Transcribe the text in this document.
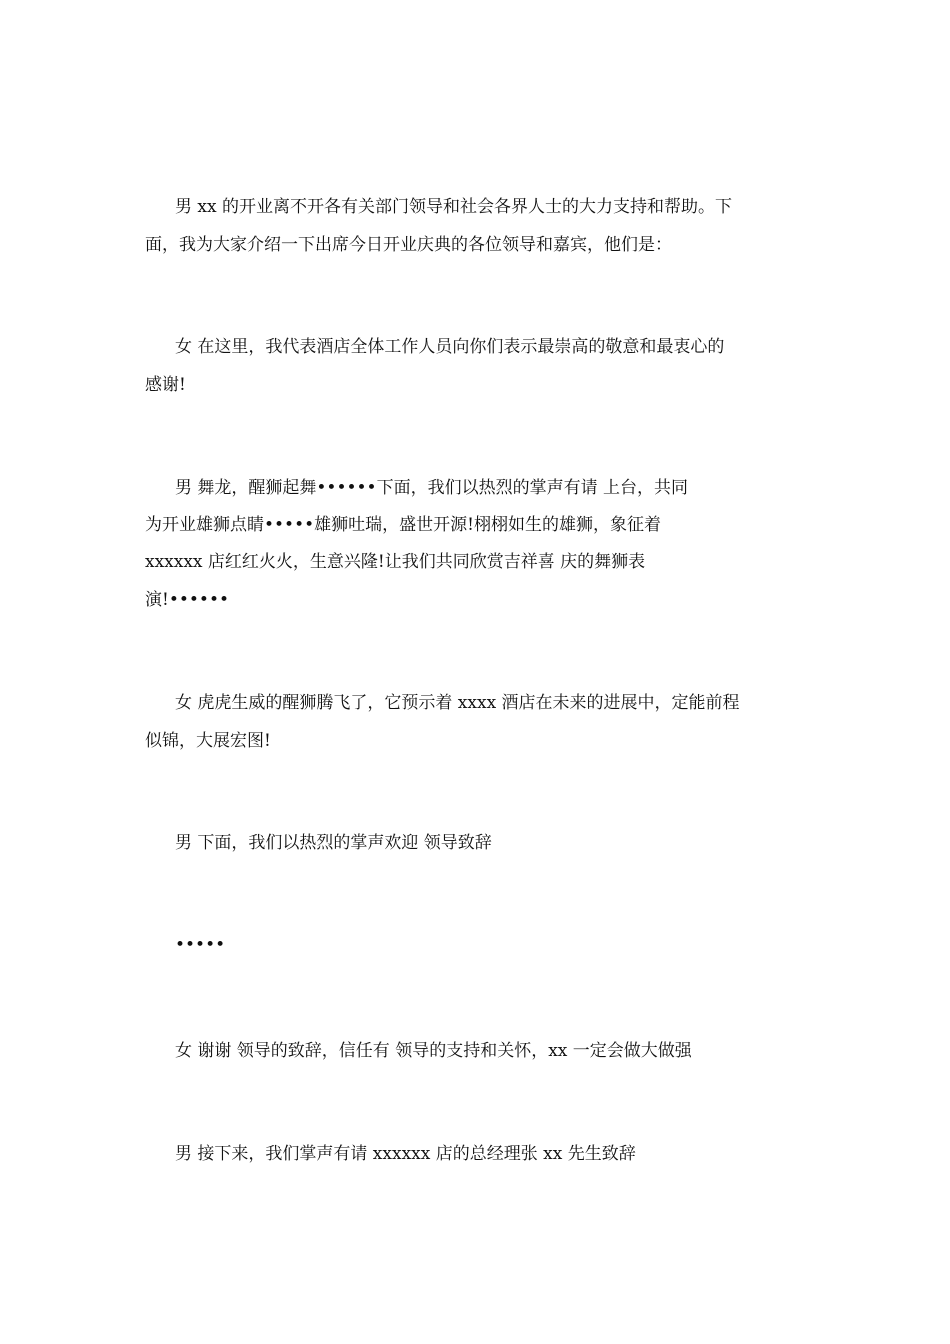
男 xx 的开业离不开各有关部门领导和社会各界人士的大力支持和帮助。下
面，我为大家介绍一下出席今日开业庆典的各位领导和嘉宾，他们是：
女 在这里，我代表酒店全体工作人员向你们表示最崇高的敬意和最衷心的
感谢!
男 舞龙，醒狮起舞••••••下面，我们以热烈的掌声有请 上台，共同
为开业雄狮点睛•••••雄狮吐瑞，盛世开源!栩栩如生的雄狮，象征着
xxxxxx 店红红火火，生意兴隆!让我们共同欣赏吉祥喜 庆的舞狮表
演!••••••
女 虎虎生威的醒狮腾飞了，它预示着 xxxx 酒店在未来的进展中，定能前程
似锦，大展宏图!
男 下面，我们以热烈的掌声欢迎 领导致辞
•••••
女 谢谢 领导的致辞，信任有 领导的支持和关怀，xx 一定会做大做强
男 接下来，我们掌声有请 xxxxxx 店的总经理张 xx 先生致辞
